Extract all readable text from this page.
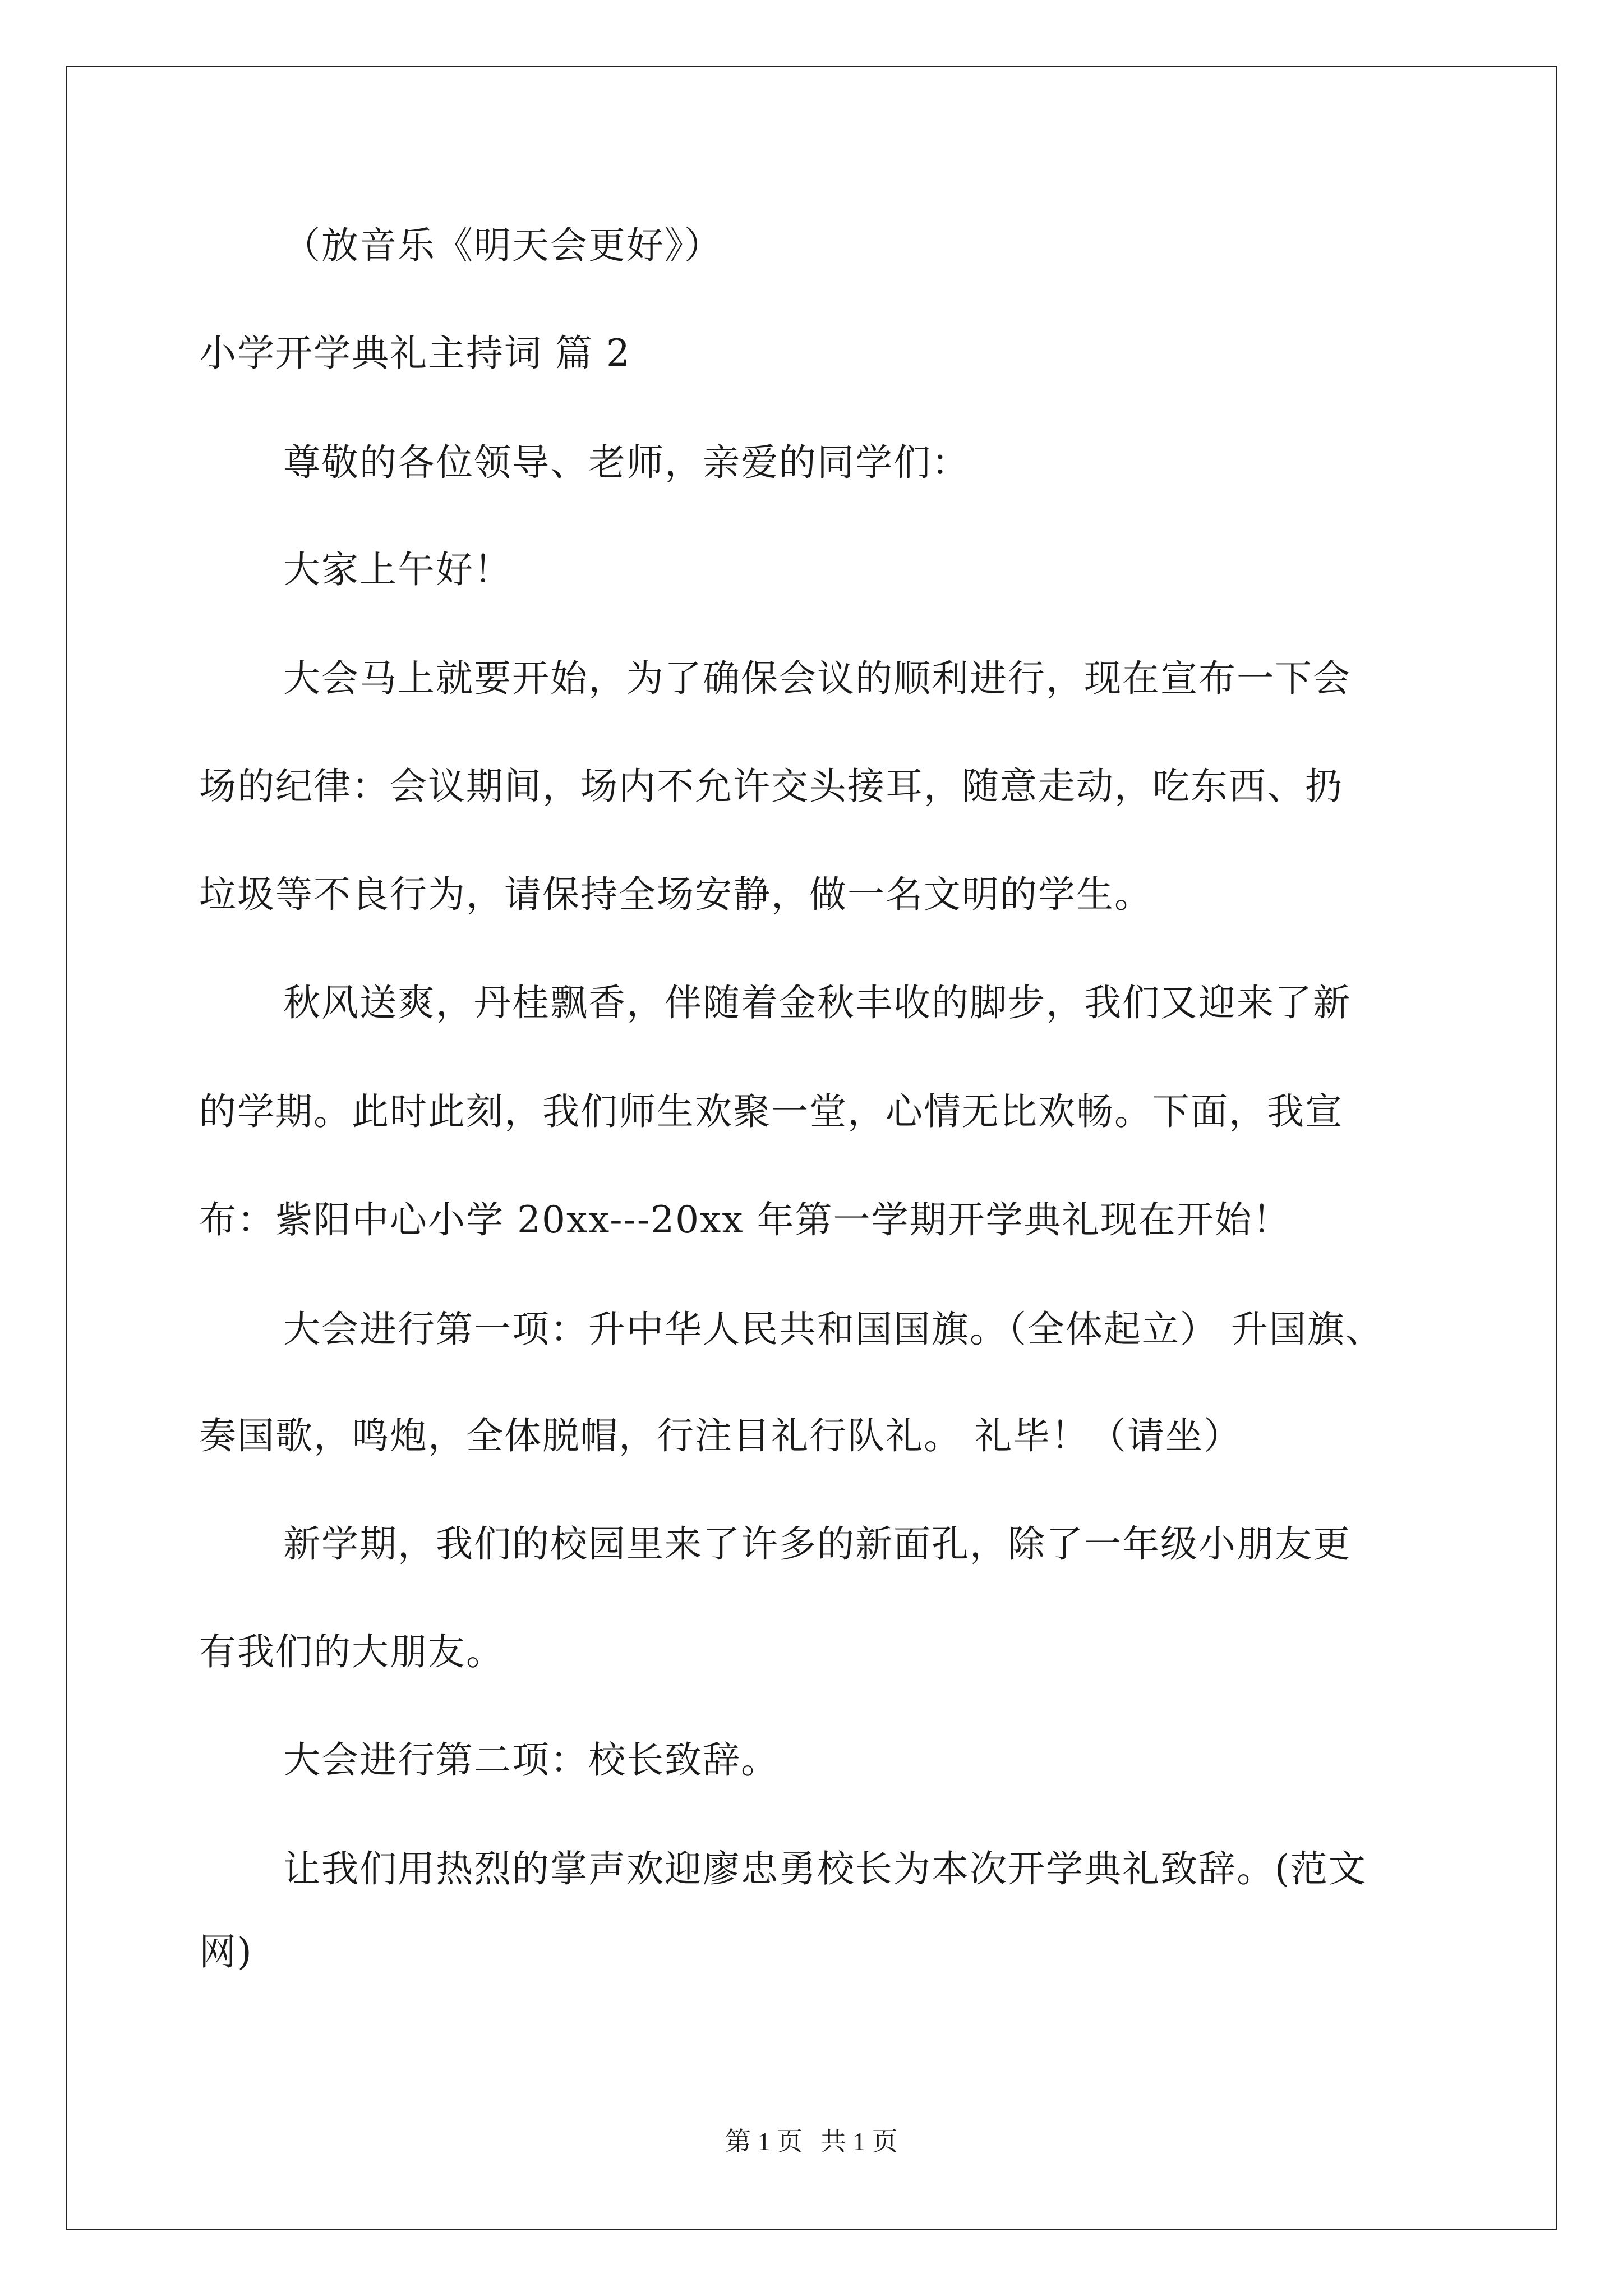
（放音乐《明天会更好》）
小学开学典礼主持词 篇 2
尊敬的各位领导、老师，亲爱的同学们：
大家上午好！
大会马上就要开始，为了确保会议的顺利进行，现在宣布一下会
场的纪律：会议期间，场内不允许交头接耳，随意走动，吃东西、扔
垃圾等不良行为，请保持全场安静，做一名文明的学生。
秋风送爽，丹桂飘香，伴随着金秋丰收的脚步，我们又迎来了新
的学期。此时此刻，我们师生欢聚一堂，心情无比欢畅。下面，我宣
布：紫阳中心小学 20xx---20xx 年第一学期开学典礼现在开始！
大会进行第一项：升中华人民共和国国旗。（全体起立） 升国旗、
奏国歌，鸣炮，全体脱帽，行注目礼行队礼。 礼毕！（请坐）
新学期，我们的校园里来了许多的新面孔，除了一年级小朋友更
有我们的大朋友。
大会进行第二项：校长致辞。
让我们用热烈的掌声欢迎廖忠勇校长为本次开学典礼致辞。(范文
网)
第 1 页 共 1 页
